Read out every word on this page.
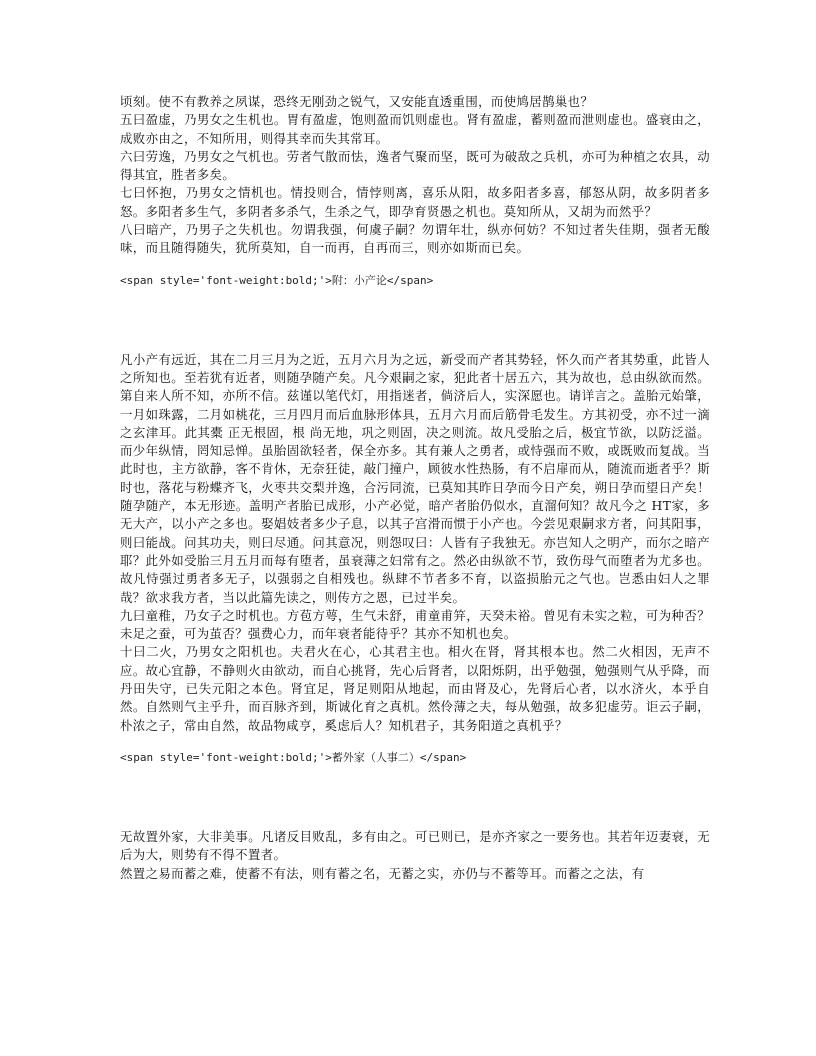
顷刻。使不有教养之夙谋，恐终无刚劲之锐气，又安能直透重围，而使鸠居鹊巢也？

五曰盈虚，乃男女之生机也。胃有盈虚，饱则盈而饥则虚也。肾有盈虚，蓄则盈而泄则虚也。盛衰由之，成败亦由之，不知所用，则得其幸而失其常耳。

六曰劳逸，乃男女之气机也。劳者气散而怯，逸者气聚而坚，既可为破敌之兵机，亦可为种植之农具，动得其宜，胜者多矣。

七曰怀抱，乃男女之情机也。情投则合，情悖则离，喜乐从阳，故多阳者多喜，郁怒从阴，故多阴者多怒。多阳者多生气，多阴者多杀气，生杀之气，即孕育贤愚之机也。莫知所从，又胡为而然乎？

八曰暗产，乃男子之失机也。勿谓我强，何虞子嗣？勿谓年壮，纵亦何妨？不知过者失佳期，强者无酸味，而且随得随失，犹所莫知，自一而再，自再而三，则亦如斯而已矣。

<span style='font-weight:bold;'>附：小产论</span>

凡小产有远近，其在二月三月为之近，五月六月为之远，新受而产者其势轻，怀久而产者其势重，此皆人之所知也。至若犹有近者，则随孕随产矣。凡今艰嗣之家，犯此者十居五六，其为故也，总由纵欲而然。第自来人所不知，亦所不信。兹谨以笔代灯，用指迷者，倘济后人，实深愿也。请详言之。盖胎元始肇，一月如珠露，二月如桃花，三月四月而后血脉形体具，五月六月而后筋骨毛发生。方其初受，亦不过一滴之玄津耳。此其橐 正无根固，根 尚无地，巩之则固，决之则流。故凡受胎之后，极宜节欲，以防泛溢。而少年纵情，罔知忌惮。虽胎固欲轻者，保全亦多。其有兼人之勇者，或恃强而不败，或既败而复战。当此时也，主方欲静，客不肯休，无奈狂徒，敲门撞户，顾彼水性热肠，有不启扉而从，随流而逝者乎？斯时也，落花与粉蝶齐飞，火枣共交梨并逸，合污同流，已莫知其昨日孕而今日产矣，朔日孕而望日产矣！随孕随产，本无形迹。盖明产者胎已成形，小产必觉，暗产者胎仍似水，直溜何知？故凡今之 HT家，多无大产，以小产之多也。娶娼妓者多少子息，以其子宫滑而惯于小产也。今尝见艰嗣求方者，问其阳事，则曰能战。问其功夫，则曰尽通。问其意况，则怨叹曰：人皆有子我独无。亦岂知人之明产，而尔之暗产耶？此外如受胎三月五月而每有堕者，虽衰薄之妇常有之。然必由纵欲不节，致伤母气而堕者为尤多也。故凡恃强过勇者多无子，以强弱之自相残也。纵肆不节者多不育，以盗损胎元之气也。岂悉由妇人之罪哉？欲求我方者，当以此篇先读之，则传方之恩，已过半矣。

九曰童稚，乃女子之时机也。方苞方萼，生气未舒，甫童甫笄，天癸未裕。曾见有未实之粒，可为种否？未足之蚕，可为茧否？强费心力，而年衰者能待乎？其亦不知机也矣。

十曰二火，乃男女之阳机也。夫君火在心，心其君主也。相火在肾，肾其根本也。然二火相因，无声不应。故心宜静，不静则火由欲动，而自心挑肾，先心后肾者，以阳烁阴，出乎勉强，勉强则气从乎降，而丹田失守，已失元阳之本色。肾宜足，肾足则阳从地起，而由肾及心，先肾后心者，以水济火，本乎自然。自然则气主乎升，而百脉齐到，斯诚化育之真机。然伶薄之夫，每从勉强，故多犯虚劳。讵云子嗣，朴浓之子，常由自然，故品物咸亨，奚虑后人？知机君子，其务阳道之真机乎？

<span style='font-weight:bold;'>蓄外家（人事二）</span>

无故置外家，大非美事。凡诸反目败乱，多有由之。可已则已，是亦齐家之一要务也。其若年迈妻衰，无后为大，则势有不得不置者。

然置之易而蓄之难，使蓄不有法，则有蓄之名，无蓄之实，亦仍与不蓄等耳。而蓄之之法，有
